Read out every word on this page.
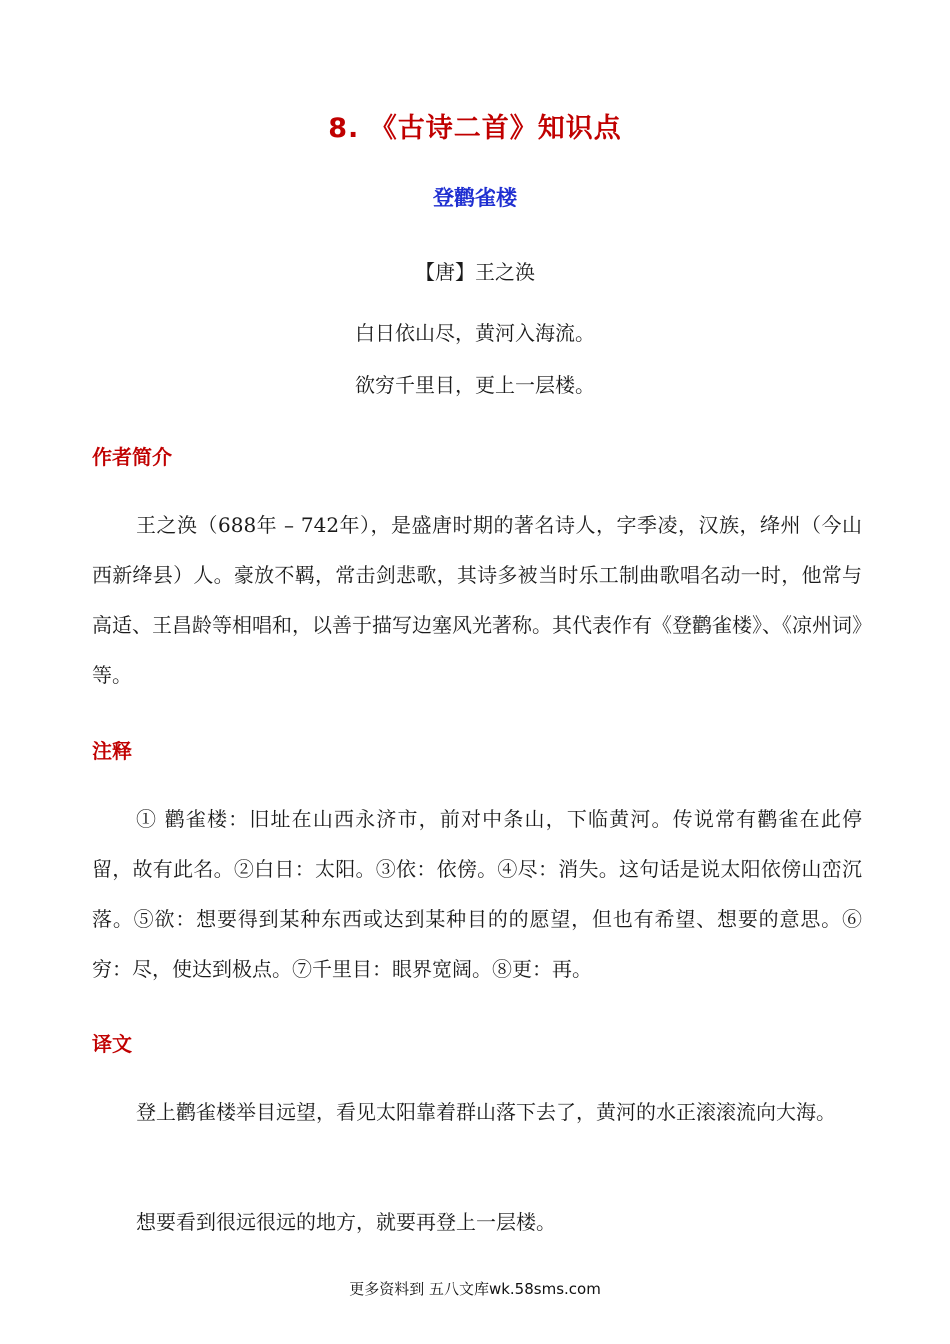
8. 《古诗二首》知识点
登鹳雀楼
【唐】王之涣
白日依山尽，黄河入海流。
欲穷千里目，更上一层楼。
作者简介
王之涣（688年 – 742年），是盛唐时期的著名诗人，字季凌，汉族，绛州（今山西新绛县）人。豪放不羁，常击剑悲歌，其诗多被当时乐工制曲歌唱名动一时，他常与高适、王昌龄等相唱和，以善于描写边塞风光著称。其代表作有《登鹳雀楼》、《凉州词》等。
注释
① 鹳雀楼：旧址在山西永济市，前对中条山，下临黄河。传说常有鹳雀在此停留，故有此名。②白日：太阳。③依：依傍。④尽：消失。这句话是说太阳依傍山峦沉落。⑤欲：想要得到某种东西或达到某种目的的愿望，但也有希望、想要的意思。⑥穷：尽，使达到极点。⑦千里目：眼界宽阔。⑧更：再。
译文
登上鹳雀楼举目远望，看见太阳靠着群山落下去了，黄河的水正滚滚流向大海。
想要看到很远很远的地方，就要再登上一层楼。
更多资料到 五八文库wk.58sms.com
